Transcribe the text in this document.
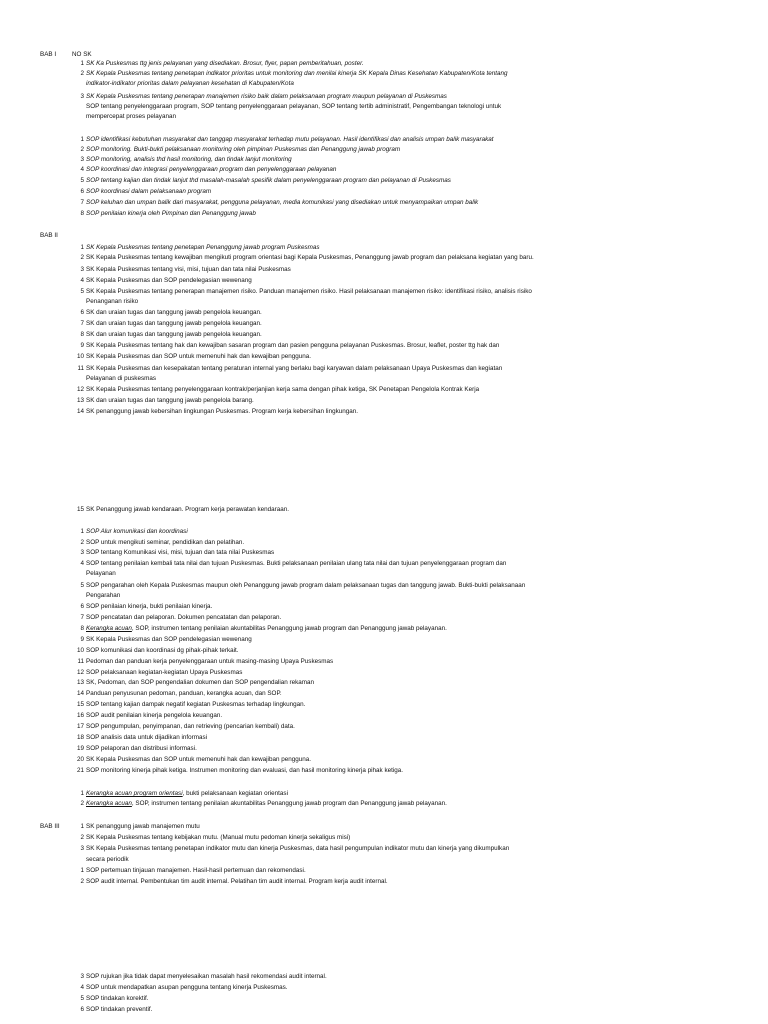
BAB I	NO SK
1 SK Ka Puskesmas ttg jenis pelayanan yang disediakan. Brosur, flyer, papan pemberitahuan, poster.
2 SK Kepala Puskesmas tentang penetapan indikator prioritas untuk monitoring dan menilai kinerja SK Kepala Dinas Kesehatan Kabupaten/Kota tentang
indikator-indikator prioritas dalam pelayanan kesehatan di Kabupaten/Kota
3 SK Kepala Puskesmas tentang penerapan manajemen risiko baik dalam pelaksanaan program maupun pelayanan di Puskesmas
SOP tentang penyelenggaraan program, SOP tentang penyelenggaraan pelayanan, SOP tentang tertib administratif, Pengembangan teknologi untuk
mempercepat proses pelayanan
1 SOP identifikasi kebutuhan masyarakat dan tanggap masyarakat terhadap mutu pelayanan. Hasil identifikasi dan analisis umpan balik masyarakat
2 SOP monitoring. Bukti-bukti pelaksanaan monitoring oleh pimpinan Puskesmas dan Penanggung jawab program
3 SOP monitoring, analisis thd hasil monitoring, dan tindak lanjut monitoring
4 SOP koordinasi dan integrasi penyelenggaraan program dan penyelenggaraan pelayanan
5 SOP tentang kajian dan tindak lanjut thd masalah-masalah spesifik dalam penyelenggaraan program dan pelayanan di Puskesmas
6 SOP koordinasi dalam pelaksanaan program
7 SOP keluhan dan umpan balik dari masyarakat, pengguna pelayanan, media komunikasi yang disediakan untuk menyampaikan umpan balik
8 SOP penilaian kinerja oleh Pimpinan dan Penanggung jawab
BAB II
1 SK Kepala Puskesmas tentang penetapan Penanggung jawab program Puskesmas
2 SK Kepala Puskesmas tentang kewajiban mengikuti program orientasi bagi Kepala Puskesmas, Penanggung jawab program dan pelaksana kegiatan yang baru.
3 SK Kepala Puskesmas tentang visi, misi, tujuan dan tata nilai Puskesmas
4 SK Kepala Puskesmas dan SOP pendelegasian wewenang
5 SK Kepala Puskesmas tentang penerapan manajemen risiko. Panduan manajemen risiko. Hasil pelaksanaan manajemen risiko: identifikasi risiko, analisis risiko
Penanganan risiko
6 SK dan uraian tugas dan tanggung jawab pengelola keuangan.
7 SK dan uraian tugas dan tanggung jawab pengelola keuangan.
8 SK dan uraian tugas dan tanggung jawab pengelola keuangan.
9 SK Kepala Puskesmas tentang hak dan kewajiban sasaran program dan pasien pengguna pelayanan Puskesmas. Brosur, leaflet, poster ttg hak dan
10 SK Kepala Puskesmas dan SOP untuk memenuhi hak dan kewajiban pengguna.
11 SK Kepala Puskesmas dan kesepakatan tentang peraturan internal yang berlaku bagi karyawan dalam pelaksanaan Upaya Puskesmas dan kegiatan
Pelayanan di puskesmas
12 SK Kepala Puskesmas tentang penyelenggaraan kontrak/perjanjian kerja sama dengan pihak ketiga, SK Penetapan Pengelola Kontrak Kerja
13 SK dan uraian tugas dan tanggung jawab pengelola barang.
14 SK penanggung jawab kebersihan lingkungan Puskesmas. Program kerja kebersihan lingkungan.
15 SK Penanggung jawab kendaraan. Program kerja perawatan kendaraan.
1 SOP Alur komunikasi dan koordinasi
2 SOP untuk mengikuti seminar, pendidikan dan pelatihan.
3 SOP tentang Komunikasi visi, misi, tujuan dan tata nilai Puskesmas
4 SOP tentang penilaian kembali tata nilai dan tujuan Puskesmas. Bukti pelaksanaan penilaian ulang tata nilai dan tujuan penyelenggaraan program dan
Pelayanan
5 SOP pengarahan oleh Kepala Puskesmas maupun oleh Penanggung jawab program dalam pelaksanaan tugas dan tanggung jawab. Bukti-bukti pelaksanaan
Pengarahan
6 SOP penilaian kinerja, bukti penilaian kinerja.
7 SOP pencatatan dan pelaporan. Dokumen pencatatan dan pelaporan.
8 Kerangka acuan, SOP, instrumen tentang penilaian akuntabilitas Penanggung jawab program dan Penanggung jawab pelayanan.
9 SK Kepala Puskesmas dan SOP pendelegasian wewenang
10 SOP komunikasi dan koordinasi dg pihak-pihak terkait.
11 Pedoman dan panduan kerja penyelenggaraan untuk masing-masing Upaya Puskesmas
12 SOP pelaksanaan kegiatan-kegiatan Upaya Puskesmas
13 SK, Pedoman, dan SOP pengendalian dokumen dan SOP pengendalian rekaman
14 Panduan penyusunan pedoman, panduan, kerangka acuan, dan SOP.
15 SOP tentang kajian dampak negatif kegiatan Puskesmas terhadap lingkungan.
16 SOP audit penilaian kinerja pengelola keuangan.
17 SOP pengumpulan, penyimpanan, dan retrieving (pencarian kembali) data.
18 SOP analisis data untuk dijadikan informasi
19 SOP pelaporan dan distribusi informasi.
20 SK Kepala Puskesmas dan SOP untuk memenuhi hak dan kewajiban pengguna.
21 SOP monitoring kinerja pihak ketiga. Instrumen monitoring dan evaluasi, dan hasil monitoring kinerja pihak ketiga.
1 Kerangka acuan program orientasi, bukti pelaksanaan kegiatan orientasi
2 Kerangka acuan, SOP, instrumen tentang penilaian akuntabilitas Penanggung jawab program dan Penanggung jawab pelayanan.
BAB III	1 SK penanggung jawab manajemen mutu
2 SK Kepala Puskesmas tentang kebijakan mutu. (Manual mutu pedoman kinerja sekaligus misi)
3 SK Kepala Puskesmas tentang penetapan indikator mutu dan kinerja Puskesmas, data hasil pengumpulan indikator mutu dan kinerja yang dikumpulkan
secara periodik
1 SOP pertemuan tinjauan manajemen. Hasil-hasil pertemuan dan rekomendasi.
2 SOP audit internal. Pembentukan tim audit internal. Pelatihan tim audit internal. Program kerja audit internal.
3 SOP rujukan jika tidak dapat menyelesaikan masalah hasil rekomendasi audit internal.
4 SOP untuk mendapatkan asupan pengguna tentang kinerja Puskesmas.
5 SOP tindakan korektif.
6 SOP tindakan preventif.
